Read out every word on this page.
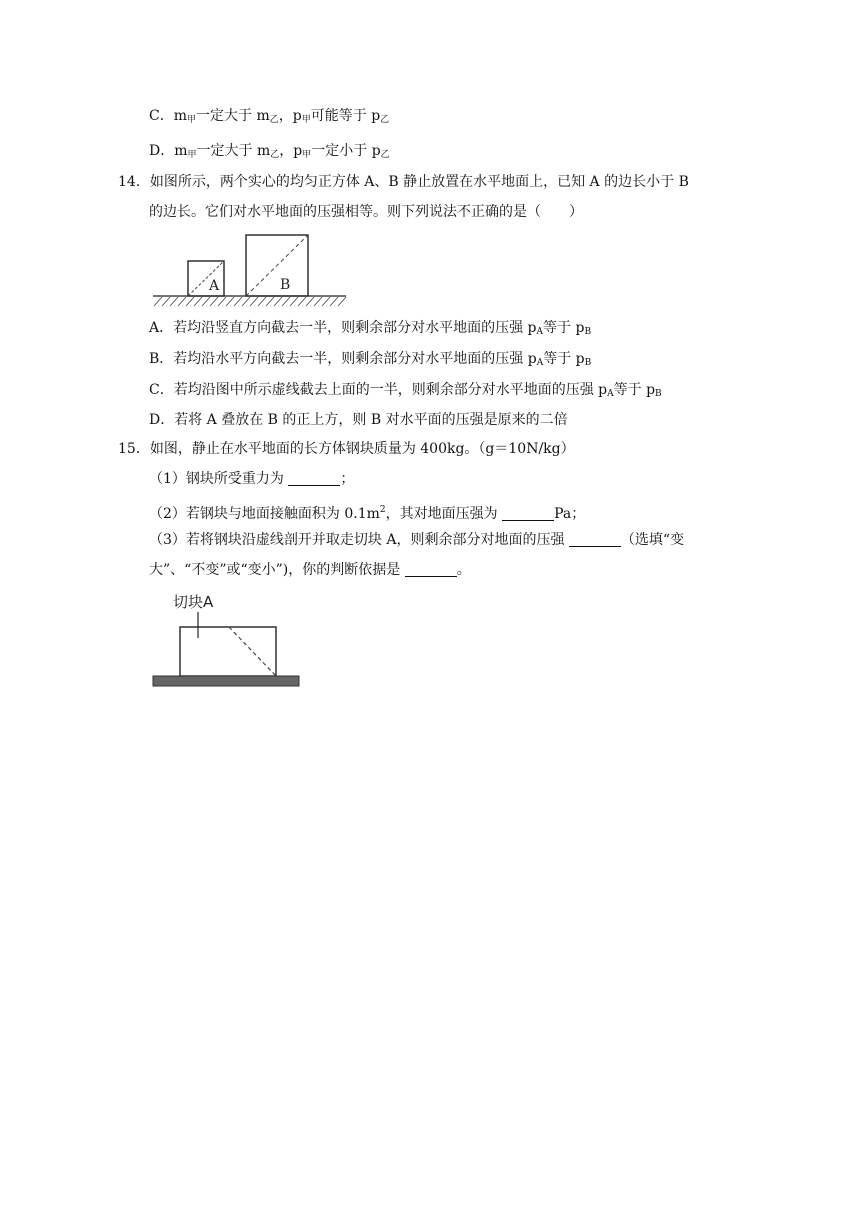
C．$m_甲$一定大于 $m_乙$，$p_甲$可能等于 $p_乙$
D．$m_甲$一定大于 $m_乙$，$p_甲$一定小于 $p_乙$
14．如图所示，两个实心的均匀正方体 A、B 静止放置在水平地面上，已知 A 的边长小于 B
的边长。它们对水平地面的压强相等。则下列说法不正确的是（　　）
A	B
A．若均沿竖直方向截去一半，则剩余部分对水平地面的压强 $p_A$等于 $p_B$
B．若均沿水平方向截去一半，则剩余部分对水平地面的压强 $p_A$等于 $p_B$
C．若均沿图中所示虚线截去上面的一半，则剩余部分对水平地面的压强 $p_A$等于 $p_B$
D．若将 A 叠放在 B 的正上方，则 B 对水平面的压强是原来的二倍
15．如图，静止在水平地面的长方体钢块质量为 400kg。（g＝10N/kg）
（1）钢块所受重力为	；
（2）若钢块与地面接触面积为 $0.1m^2$，其对地面压强为	Pa；
（3）若将钢块沿虚线剖开并取走切块 A，则剩余部分对地面的压强	（选填“变
大”、“不变”或“变小”)，你的判断依据是	。
切块A
